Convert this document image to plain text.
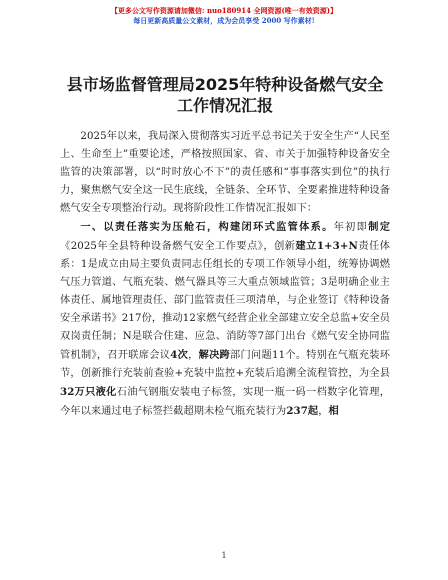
【更多公文写作资源请加微信: nuo180914 全网资源(唯一有效资源)】
每日更新高质量公文素材，成为会员享受 2000 写作素材!
县市场监督管理局2025年特种设备燃气安全工作情况汇报

2025年以来，我局深入贯彻落实习近平总书记关于安全生产“人民至上、生命至上”重要论述，严格按照国家、省、市关于加强特种设备安全监管的决策部署，以“时时放心不下”的责任感和“事事落实到位”的执行力，聚焦燃气安全这一民生底线，全链条、全环节、全要素推进特种设备燃气安全专项整治行动。现将阶段性工作情况汇报如下：

一、以责任落实为压舱石，构建闭环式监管体系。年初即制定《2025年全县特种设备燃气安全工作要点》，创新建立1+3+N责任体系：1是成立由局主要负责同志任组长的专项工作领导小组，统筹协调燃气压力管道、气瓶充装、燃气器具等三大重点领域监管；3是明确企业主体责任、属地管理责任、部门监管责任三项清单，与企业签订《特种设备安全承诺书》217份，推动12家燃气经营企业全部建立安全总监+安全员双岗责任制；N是联合住建、应急、消防等7部门出台《燃气安全协同监管机制》，召开联席会议4次，解决跨部门问题11个。特别在气瓶充装环节，创新推行充装前查验+充装中监控+充装后追溯全流程管控，为全县32万只液化石油气钢瓶安装电子标签，实现一瓶一码一档数字化管理，今年以来通过电子标签拦截超期未检气瓶充装行为237起，相

1
